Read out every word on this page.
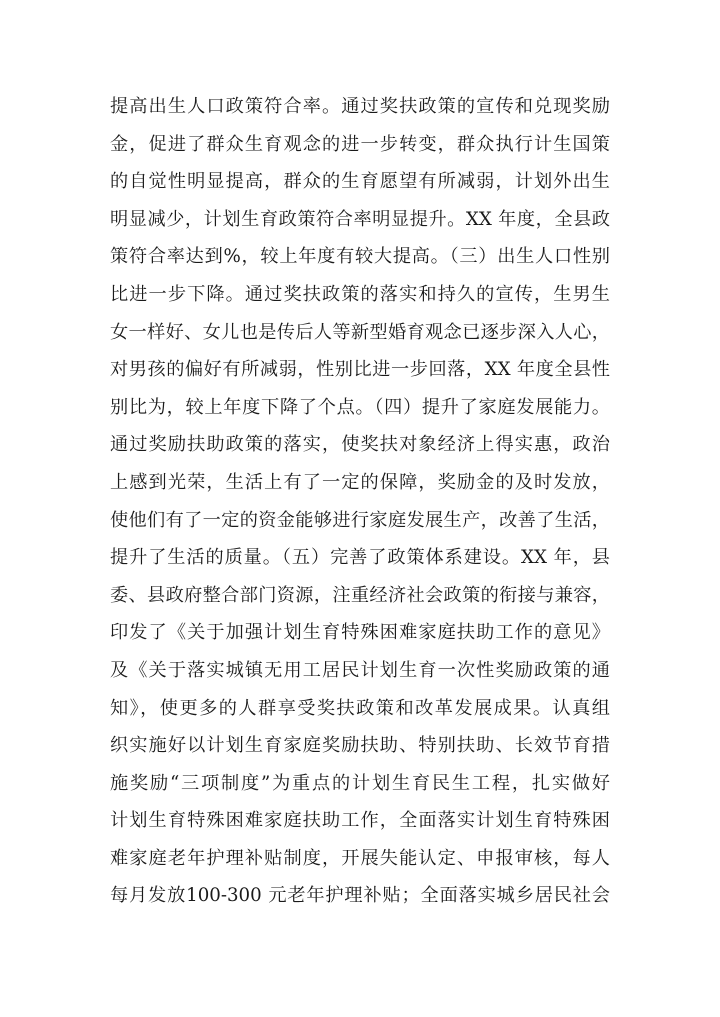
提高出生人口政策符合率。通过奖扶政策的宣传和兑现奖励
金，促进了群众生育观念的进一步转变，群众执行计生国策
的自觉性明显提高，群众的生育愿望有所减弱，计划外出生
明显减少，计划生育政策符合率明显提升。XX 年度，全县政
策符合率达到%，较上年度有较大提高。（三）出生人口性别
比进一步下降。通过奖扶政策的落实和持久的宣传，生男生
女一样好、女儿也是传后人等新型婚育观念已逐步深入人心，
对男孩的偏好有所减弱，性别比进一步回落，XX 年度全县性
别比为，较上年度下降了个点。（四）提升了家庭发展能力。
通过奖励扶助政策的落实，使奖扶对象经济上得实惠，政治
上感到光荣，生活上有了一定的保障，奖励金的及时发放，
使他们有了一定的资金能够进行家庭发展生产，改善了生活，
提升了生活的质量。（五）完善了政策体系建设。XX 年，县
委、县政府整合部门资源，注重经济社会政策的衔接与兼容，
印发了《关于加强计划生育特殊困难家庭扶助工作的意见》
及《关于落实城镇无用工居民计划生育一次性奖励政策的通
知》，使更多的人群享受奖扶政策和改革发展成果。认真组
织实施好以计划生育家庭奖励扶助、特别扶助、长效节育措
施奖励“三项制度”为重点的计划生育民生工程，扎实做好
计划生育特殊困难家庭扶助工作，全面落实计划生育特殊困
难家庭老年护理补贴制度，开展失能认定、申报审核，每人
每月发放100-300 元老年护理补贴；全面落实城乡居民社会
